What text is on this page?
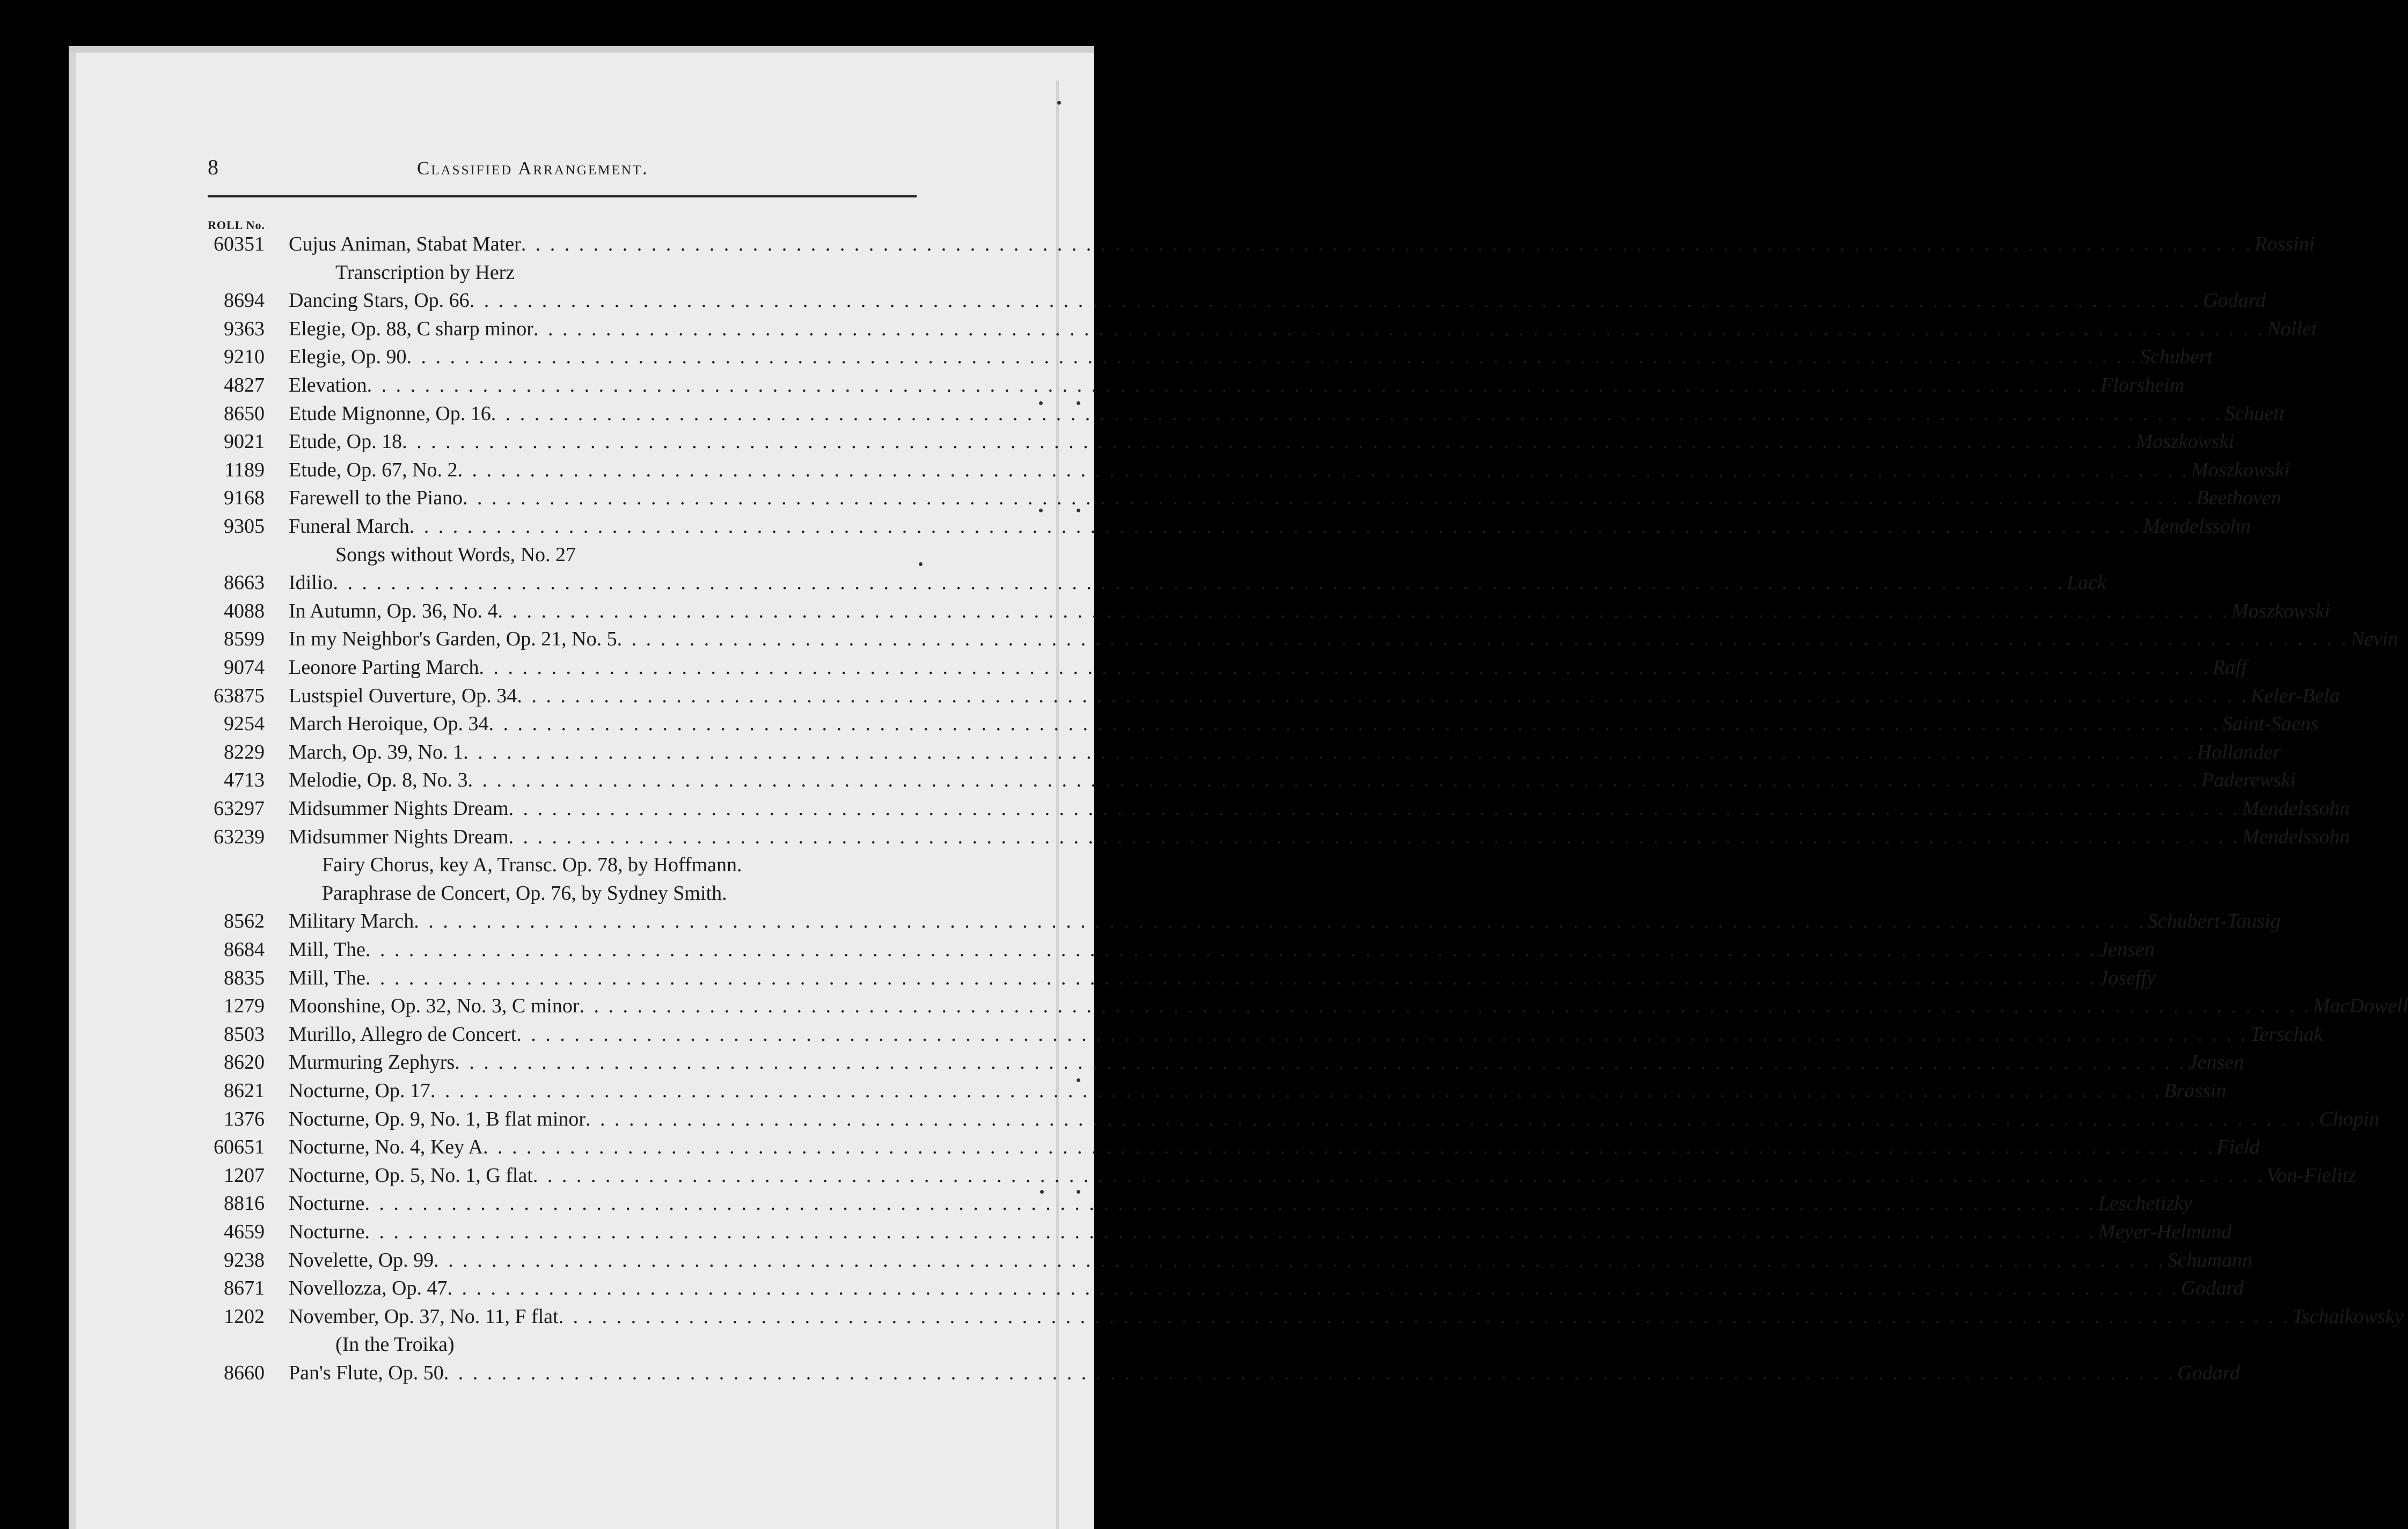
8	Classified Arrangement.
ROLL No.
60351 Cujus Animan, Stabat Mater . . . . . . . . . . . . . . . . . . . . . . . . . . . . . . . . . . . . . . . . . . . . . . . . . . . . . . . . . . . . . . . . . . . . . . . . . . . . . . . . . . . . . . . . . . . . . . . . . . . . . . . . . . . . . . . . . . . . . . . . Rossini
Transcription by Herz
8694 Dancing Stars, Op. 66 . . . . . . . . . . . . . . . . . . . . . . . . . . . . . . . . . . . . . . . . . . . . . . . . . . . . . . . . . . . . . . . . . . . . . . . . . . . . . . . . . . . . . . . . . . . . . . . . . . . . . . . . . . . . . . . . . . . . . . . . Godard
9363 Elegie, Op. 88, C sharp minor . . . . . . . . . . . . . . . . . . . . . . . . . . . . . . . . . . . . . . . . . . . . . . . . . . . . . . . . . . . . . . . . . . . . . . . . . . . . . . . . . . . . . . . . . . . . . . . . . . . . . . . . . . . . . . . . . . . . . . . . Nollet
9210 Elegie, Op. 90 . . . . . . . . . . . . . . . . . . . . . . . . . . . . . . . . . . . . . . . . . . . . . . . . . . . . . . . . . . . . . . . . . . . . . . . . . . . . . . . . . . . . . . . . . . . . . . . . . . . . . . . . . . . . . . . . . . . . . . . . Schubert
4827 Elevation . . . . . . . . . . . . . . . . . . . . . . . . . . . . . . . . . . . . . . . . . . . . . . . . . . . . . . . . . . . . . . . . . . . . . . . . . . . . . . . . . . . . . . . . . . . . . . . . . . . . . . . . . . . . . . . . . . . . . . . . Florsheim
8650 Etude Mignonne, Op. 16 . . . . . . . . . . . . . . . . . . . . . . . . . . . . . . . . . . . . . . . . . . . . . . . . . . . . . . . . . . . . . . . . . . . . . . . . . . . . . . . . . . . . . . . . . . . . . . . . . . . . . . . . . . . . . . . . . . . . . . . . Schuett
9021 Etude, Op. 18 . . . . . . . . . . . . . . . . . . . . . . . . . . . . . . . . . . . . . . . . . . . . . . . . . . . . . . . . . . . . . . . . . . . . . . . . . . . . . . . . . . . . . . . . . . . . . . . . . . . . . . . . . . . . . . . . . . . . . . . . Moszkowski
1189 Etude, Op. 67, No. 2 . . . . . . . . . . . . . . . . . . . . . . . . . . . . . . . . . . . . . . . . . . . . . . . . . . . . . . . . . . . . . . . . . . . . . . . . . . . . . . . . . . . . . . . . . . . . . . . . . . . . . . . . . . . . . . . . . . . . . . . . Moszkowski
9168 Farewell to the Piano . . . . . . . . . . . . . . . . . . . . . . . . . . . . . . . . . . . . . . . . . . . . . . . . . . . . . . . . . . . . . . . . . . . . . . . . . . . . . . . . . . . . . . . . . . . . . . . . . . . . . . . . . . . . . . . . . . . . . . . . Beethoven
9305 Funeral March . . . . . . . . . . . . . . . . . . . . . . . . . . . . . . . . . . . . . . . . . . . . . . . . . . . . . . . . . . . . . . . . . . . . . . . . . . . . . . . . . . . . . . . . . . . . . . . . . . . . . . . . . . . . . . . . . . . . . . . . Mendelssohn
Songs without Words, No. 27
8663 Idilio . . . . . . . . . . . . . . . . . . . . . . . . . . . . . . . . . . . . . . . . . . . . . . . . . . . . . . . . . . . . . . . . . . . . . . . . . . . . . . . . . . . . . . . . . . . . . . . . . . . . . . . . . . . . . . . . . . . . . . . . Lack
4088 In Autumn, Op. 36, No. 4 . . . . . . . . . . . . . . . . . . . . . . . . . . . . . . . . . . . . . . . . . . . . . . . . . . . . . . . . . . . . . . . . . . . . . . . . . . . . . . . . . . . . . . . . . . . . . . . . . . . . . . . . . . . . . . . . . . . . . . . . Moszkowski
8599 In my Neighbor's Garden, Op. 21, No. 5 . . . . . . . . . . . . . . . . . . . . . . . . . . . . . . . . . . . . . . . . . . . . . . . . . . . . . . . . . . . . . . . . . . . . . . . . . . . . . . . . . . . . . . . . . . . . . . . . . . . . . . . . . . . . . . . . . . . . . . . . Nevin
9074 Leonore Parting March . . . . . . . . . . . . . . . . . . . . . . . . . . . . . . . . . . . . . . . . . . . . . . . . . . . . . . . . . . . . . . . . . . . . . . . . . . . . . . . . . . . . . . . . . . . . . . . . . . . . . . . . . . . . . . . . . . . . . . . . Raff
63875 Lustspiel Ouverture, Op. 34 . . . . . . . . . . . . . . . . . . . . . . . . . . . . . . . . . . . . . . . . . . . . . . . . . . . . . . . . . . . . . . . . . . . . . . . . . . . . . . . . . . . . . . . . . . . . . . . . . . . . . . . . . . . . . . . . . . . . . . . . Keler-Bela
9254 March Heroique, Op. 34 . . . . . . . . . . . . . . . . . . . . . . . . . . . . . . . . . . . . . . . . . . . . . . . . . . . . . . . . . . . . . . . . . . . . . . . . . . . . . . . . . . . . . . . . . . . . . . . . . . . . . . . . . . . . . . . . . . . . . . . . Saint-Saens
8229 March, Op. 39, No. 1 . . . . . . . . . . . . . . . . . . . . . . . . . . . . . . . . . . . . . . . . . . . . . . . . . . . . . . . . . . . . . . . . . . . . . . . . . . . . . . . . . . . . . . . . . . . . . . . . . . . . . . . . . . . . . . . . . . . . . . . . Hollander
4713 Melodie, Op. 8, No. 3 . . . . . . . . . . . . . . . . . . . . . . . . . . . . . . . . . . . . . . . . . . . . . . . . . . . . . . . . . . . . . . . . . . . . . . . . . . . . . . . . . . . . . . . . . . . . . . . . . . . . . . . . . . . . . . . . . . . . . . . . Paderewski
63297 Midsummer Nights Dream . . . . . . . . . . . . . . . . . . . . . . . . . . . . . . . . . . . . . . . . . . . . . . . . . . . . . . . . . . . . . . . . . . . . . . . . . . . . . . . . . . . . . . . . . . . . . . . . . . . . . . . . . . . . . . . . . . . . . . . . Mendelssohn
63239 Midsummer Nights Dream . . . . . . . . . . . . . . . . . . . . . . . . . . . . . . . . . . . . . . . . . . . . . . . . . . . . . . . . . . . . . . . . . . . . . . . . . . . . . . . . . . . . . . . . . . . . . . . . . . . . . . . . . . . . . . . . . . . . . . . . Mendelssohn
Fairy Chorus, key A, Transc. Op. 78, by Hoffmann.
Paraphrase de Concert, Op. 76, by Sydney Smith.
8562 Military March . . . . . . . . . . . . . . . . . . . . . . . . . . . . . . . . . . . . . . . . . . . . . . . . . . . . . . . . . . . . . . . . . . . . . . . . . . . . . . . . . . . . . . . . . . . . . . . . . . . . . . . . . . . . . . . . . . . . . . . . Schubert-Tausig
8684 Mill, The . . . . . . . . . . . . . . . . . . . . . . . . . . . . . . . . . . . . . . . . . . . . . . . . . . . . . . . . . . . . . . . . . . . . . . . . . . . . . . . . . . . . . . . . . . . . . . . . . . . . . . . . . . . . . . . . . . . . . . . . Jensen
8835 Mill, The . . . . . . . . . . . . . . . . . . . . . . . . . . . . . . . . . . . . . . . . . . . . . . . . . . . . . . . . . . . . . . . . . . . . . . . . . . . . . . . . . . . . . . . . . . . . . . . . . . . . . . . . . . . . . . . . . . . . . . . . Joseffy
1279 Moonshine, Op. 32, No. 3, C minor . . . . . . . . . . . . . . . . . . . . . . . . . . . . . . . . . . . . . . . . . . . . . . . . . . . . . . . . . . . . . . . . . . . . . . . . . . . . . . . . . . . . . . . . . . . . . . . . . . . . . . . . . . . . . . . . . . . . . . . . MacDowell
8503 Murillo, Allegro de Concert . . . . . . . . . . . . . . . . . . . . . . . . . . . . . . . . . . . . . . . . . . . . . . . . . . . . . . . . . . . . . . . . . . . . . . . . . . . . . . . . . . . . . . . . . . . . . . . . . . . . . . . . . . . . . . . . . . . . . . . . Terschak
8620 Murmuring Zephyrs . . . . . . . . . . . . . . . . . . . . . . . . . . . . . . . . . . . . . . . . . . . . . . . . . . . . . . . . . . . . . . . . . . . . . . . . . . . . . . . . . . . . . . . . . . . . . . . . . . . . . . . . . . . . . . . . . . . . . . . . Jensen
8621 Nocturne, Op. 17 . . . . . . . . . . . . . . . . . . . . . . . . . . . . . . . . . . . . . . . . . . . . . . . . . . . . . . . . . . . . . . . . . . . . . . . . . . . . . . . . . . . . . . . . . . . . . . . . . . . . . . . . . . . . . . . . . . . . . . . . Brassin
1376 Nocturne, Op. 9, No. 1, B flat minor . . . . . . . . . . . . . . . . . . . . . . . . . . . . . . . . . . . . . . . . . . . . . . . . . . . . . . . . . . . . . . . . . . . . . . . . . . . . . . . . . . . . . . . . . . . . . . . . . . . . . . . . . . . . . . . . . . . . . . . . Chopin
60651 Nocturne, No. 4, Key A . . . . . . . . . . . . . . . . . . . . . . . . . . . . . . . . . . . . . . . . . . . . . . . . . . . . . . . . . . . . . . . . . . . . . . . . . . . . . . . . . . . . . . . . . . . . . . . . . . . . . . . . . . . . . . . . . . . . . . . . Field
1207 Nocturne, Op. 5, No. 1, G flat . . . . . . . . . . . . . . . . . . . . . . . . . . . . . . . . . . . . . . . . . . . . . . . . . . . . . . . . . . . . . . . . . . . . . . . . . . . . . . . . . . . . . . . . . . . . . . . . . . . . . . . . . . . . . . . . . . . . . . . . Von-Fielitz
8816 Nocturne . . . . . . . . . . . . . . . . . . . . . . . . . . . . . . . . . . . . . . . . . . . . . . . . . . . . . . . . . . . . . . . . . . . . . . . . . . . . . . . . . . . . . . . . . . . . . . . . . . . . . . . . . . . . . . . . . . . . . . . . Leschetizky
4659 Nocturne . . . . . . . . . . . . . . . . . . . . . . . . . . . . . . . . . . . . . . . . . . . . . . . . . . . . . . . . . . . . . . . . . . . . . . . . . . . . . . . . . . . . . . . . . . . . . . . . . . . . . . . . . . . . . . . . . . . . . . . . Meyer-Helmund
9238 Novelette, Op. 99 . . . . . . . . . . . . . . . . . . . . . . . . . . . . . . . . . . . . . . . . . . . . . . . . . . . . . . . . . . . . . . . . . . . . . . . . . . . . . . . . . . . . . . . . . . . . . . . . . . . . . . . . . . . . . . . . . . . . . . . . Schumann
8671 Novellozza, Op. 47 . . . . . . . . . . . . . . . . . . . . . . . . . . . . . . . . . . . . . . . . . . . . . . . . . . . . . . . . . . . . . . . . . . . . . . . . . . . . . . . . . . . . . . . . . . . . . . . . . . . . . . . . . . . . . . . . . . . . . . . . Godard
1202 November, Op. 37, No. 11, F flat . . . . . . . . . . . . . . . . . . . . . . . . . . . . . . . . . . . . . . . . . . . . . . . . . . . . . . . . . . . . . . . . . . . . . . . . . . . . . . . . . . . . . . . . . . . . . . . . . . . . . . . . . . . . . . . . . . . . . . . . Tschaikowsky
(In the Troika)
8660 Pan's Flute, Op. 50 . . . . . . . . . . . . . . . . . . . . . . . . . . . . . . . . . . . . . . . . . . . . . . . . . . . . . . . . . . . . . . . . . . . . . . . . . . . . . . . . . . . . . . . . . . . . . . . . . . . . . . . . . . . . . . . . . . . . . . . . Godard
